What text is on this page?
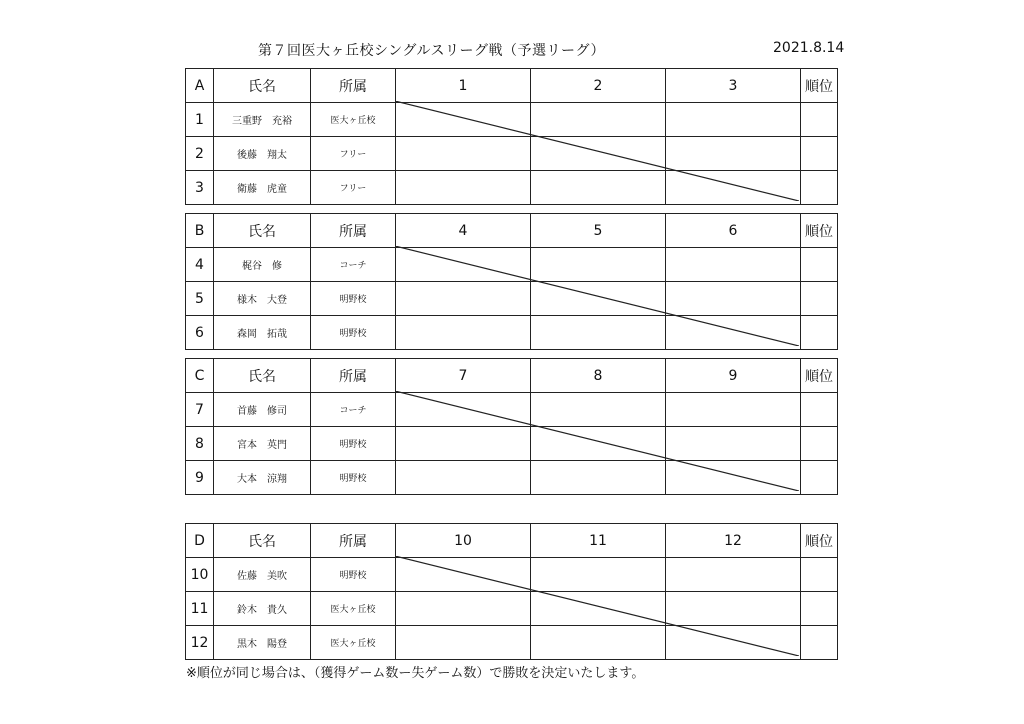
第７回医大ヶ丘校シングルスリーグ戦（予選リーグ）	2021.8.14
A	氏名	所属	1	2	3	順位
1	三重野　充裕	医大ヶ丘校				
2	後藤　翔太	フリー				
3	衛藤　虎童	フリー				
B	氏名	所属	4	5	6	順位
4	梶谷　修	コーチ				
5	様木　大登	明野校				
6	森岡　拓哉	明野校				
C	氏名	所属	7	8	9	順位
7	首藤　修司	コーチ				
8	宮本　英門	明野校				
9	大本　涼翔	明野校				
D	氏名	所属	10	11	12	順位
10	佐藤　美吹	明野校				
11	鈴木　貴久	医大ヶ丘校				
12	黒木　陽登	医大ヶ丘校				
※順位が同じ場合は、（獲得ゲーム数ー失ゲーム数）で勝敗を決定いたします。
